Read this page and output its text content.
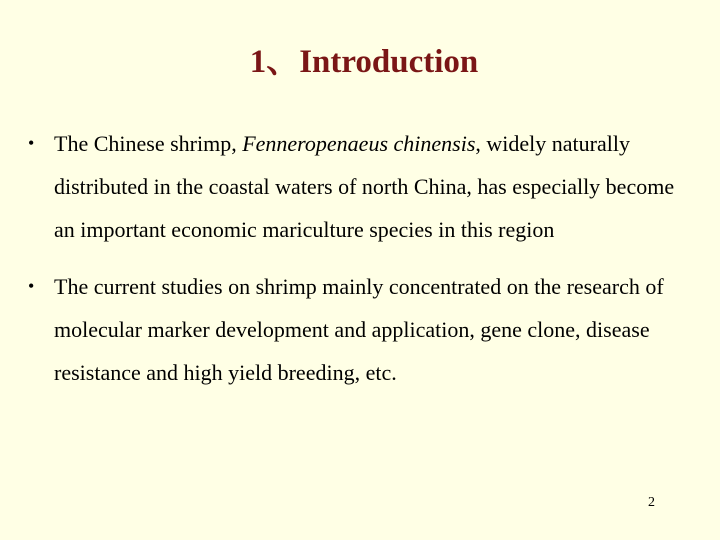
1、Introduction
• The Chinese shrimp, Fenneropenaeus chinensis, widely naturally distributed in the coastal waters of north China, has especially become an important economic mariculture species in this region
• The current studies on shrimp mainly concentrated on the research of molecular marker development and application, gene clone, disease resistance and high yield breeding, etc.
2
